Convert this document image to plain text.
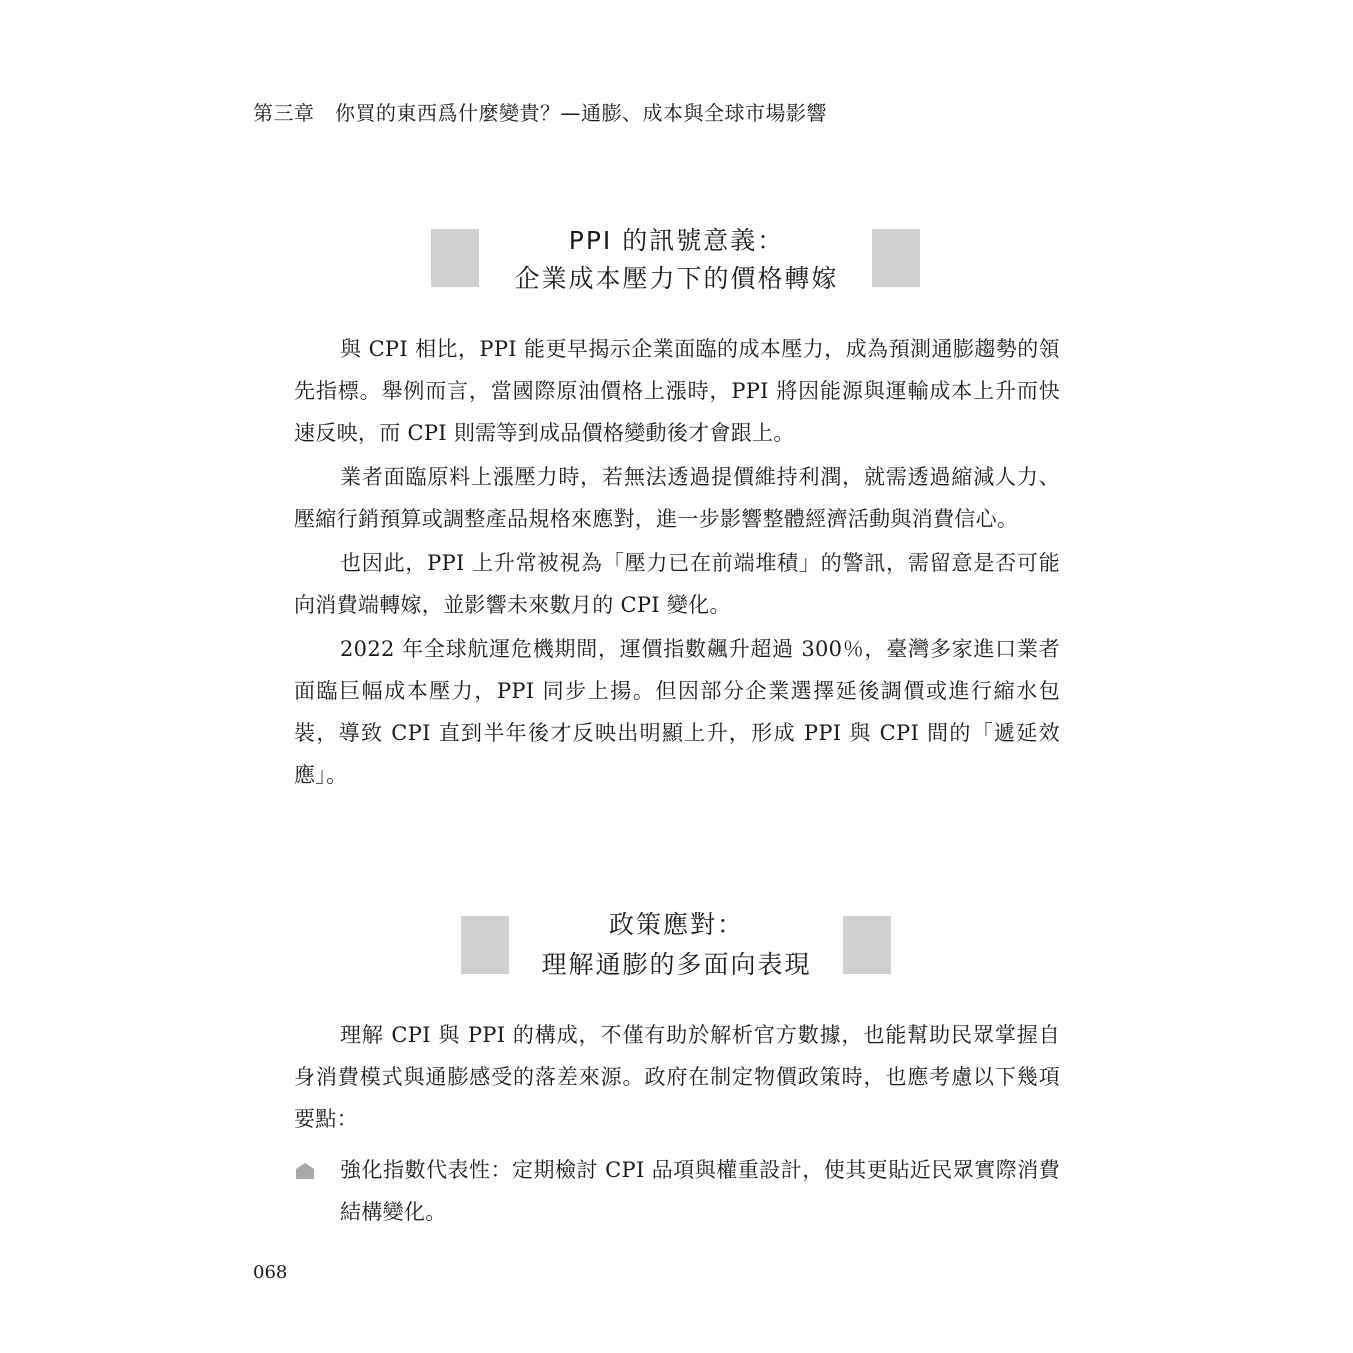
第三章　你買的東西爲什麼變貴？—通膨、成本與全球市場影響
PPI 的訊號意義：
企業成本壓力下的價格轉嫁

與 CPI 相比，PPI 能更早揭示企業面臨的成本壓力，成為預測通膨趨勢的領先指標。舉例而言，當國際原油價格上漲時，PPI 將因能源與運輸成本上升而快速反映，而 CPI 則需等到成品價格變動後才會跟上。

業者面臨原料上漲壓力時，若無法透過提價維持利潤，就需透過縮減人力、壓縮行銷預算或調整產品規格來應對，進一步影響整體經濟活動與消費信心。

也因此，PPI 上升常被視為「壓力已在前端堆積」的警訊，需留意是否可能向消費端轉嫁，並影響未來數月的 CPI 變化。

2022 年全球航運危機期間，運價指數飆升超過 300％，臺灣多家進口業者面臨巨幅成本壓力，PPI 同步上揚。但因部分企業選擇延後調價或進行縮水包裝，導致 CPI 直到半年後才反映出明顯上升，形成 PPI 與 CPI 間的「遞延效應」。

政策應對：
理解通膨的多面向表現

理解 CPI 與 PPI 的構成，不僅有助於解析官方數據，也能幫助民眾掌握自身消費模式與通膨感受的落差來源。政府在制定物價政策時，也應考慮以下幾項要點：

強化指數代表性：定期檢討 CPI 品項與權重設計，使其更貼近民眾實際消費結構變化。
068
